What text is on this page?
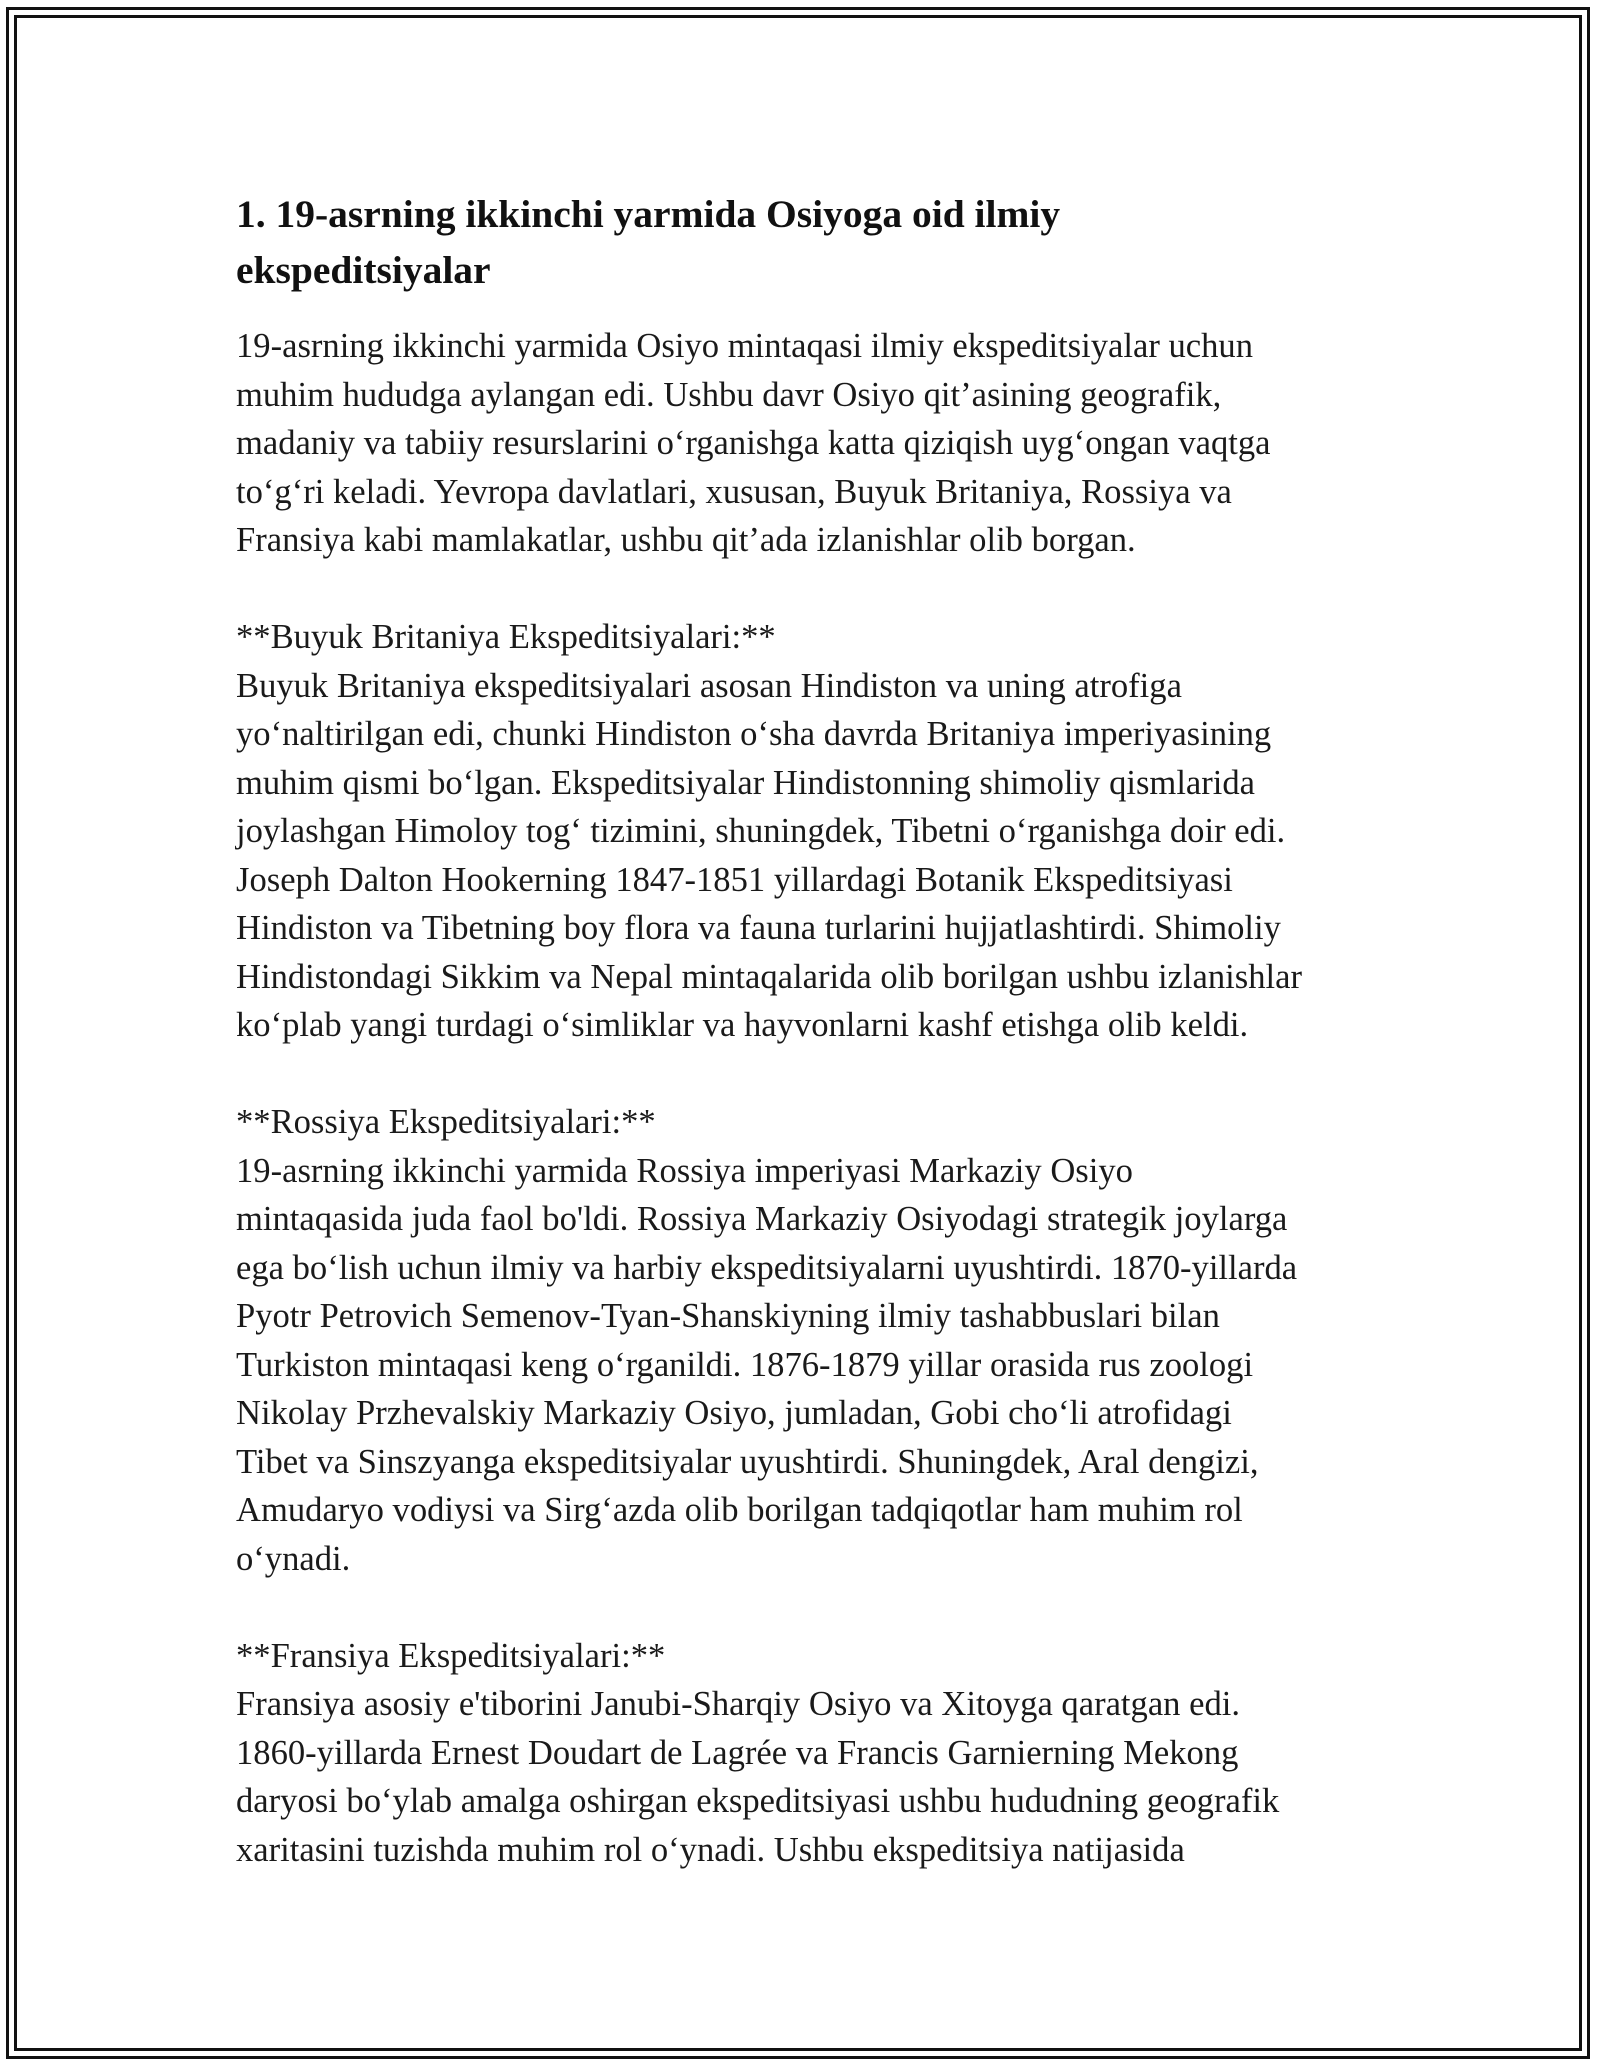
1. 19-asrning ikkinchi yarmida Osiyoga oid ilmiy
ekspeditsiyalar
19-asrning ikkinchi yarmida Osiyo mintaqasi ilmiy ekspeditsiyalar uchun
muhim hududga aylangan edi. Ushbu davr Osiyo qit’asining geografik,
madaniy va tabiiy resurslarini o‘rganishga katta qiziqish uyg‘ongan vaqtga
to‘g‘ri keladi. Yevropa davlatlari, xususan, Buyuk Britaniya, Rossiya va
Fransiya kabi mamlakatlar, ushbu qit’ada izlanishlar olib borgan.
**Buyuk Britaniya Ekspeditsiyalari:**
Buyuk Britaniya ekspeditsiyalari asosan Hindiston va uning atrofiga
yo‘naltirilgan edi, chunki Hindiston o‘sha davrda Britaniya imperiyasining
muhim qismi bo‘lgan. Ekspeditsiyalar Hindistonning shimoliy qismlarida
joylashgan Himoloy tog‘ tizimini, shuningdek, Tibetni o‘rganishga doir edi.
Joseph Dalton Hookerning 1847-1851 yillardagi Botanik Ekspeditsiyasi
Hindiston va Tibetning boy flora va fauna turlarini hujjatlashtirdi. Shimoliy
Hindistondagi Sikkim va Nepal mintaqalarida olib borilgan ushbu izlanishlar
ko‘plab yangi turdagi o‘simliklar va hayvonlarni kashf etishga olib keldi.
**Rossiya Ekspeditsiyalari:**
19-asrning ikkinchi yarmida Rossiya imperiyasi Markaziy Osiyo
mintaqasida juda faol bo'ldi. Rossiya Markaziy Osiyodagi strategik joylarga
ega bo‘lish uchun ilmiy va harbiy ekspeditsiyalarni uyushtirdi. 1870-yillarda
Pyotr Petrovich Semenov-Tyan-Shanskiyning ilmiy tashabbuslari bilan
Turkiston mintaqasi keng o‘rganildi. 1876-1879 yillar orasida rus zoologi
Nikolay Przhevalskiy Markaziy Osiyo, jumladan, Gobi cho‘li atrofidagi
Tibet va Sinszyanga ekspeditsiyalar uyushtirdi. Shuningdek, Aral dengizi,
Amudaryo vodiysi va Sirg‘azda olib borilgan tadqiqotlar ham muhim rol
o‘ynadi.
**Fransiya Ekspeditsiyalari:**
Fransiya asosiy e'tiborini Janubi-Sharqiy Osiyo va Xitoyga qaratgan edi.
1860-yillarda Ernest Doudart de Lagrée va Francis Garnierning Mekong
daryosi bo‘ylab amalga oshirgan ekspeditsiyasi ushbu hududning geografik
xaritasini tuzishda muhim rol o‘ynadi. Ushbu ekspeditsiya natijasida
